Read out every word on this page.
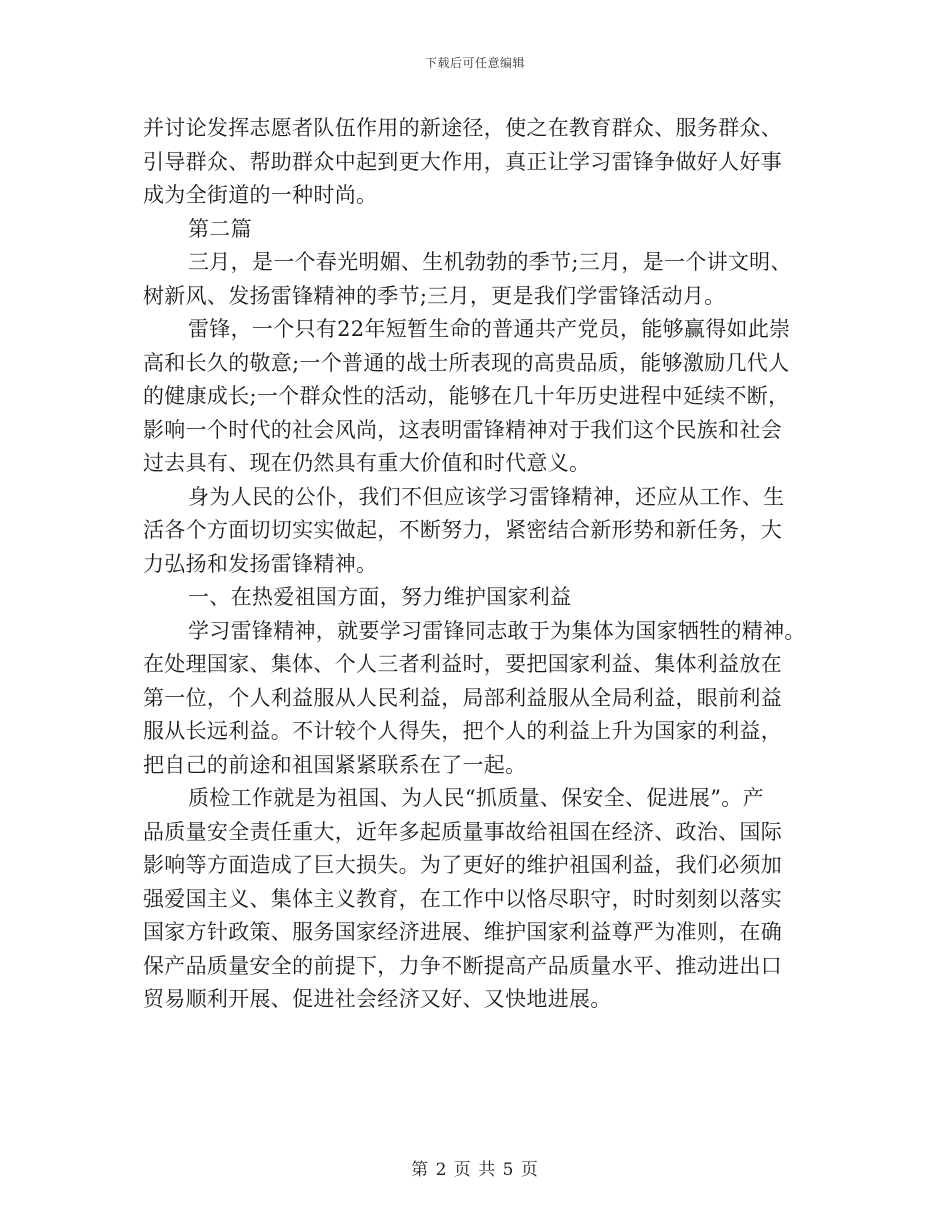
下载后可任意编辑
并讨论发挥志愿者队伍作用的新途径，使之在教育群众、服务群众、
引导群众、帮助群众中起到更大作用，真正让学习雷锋争做好人好事
成为全街道的一种时尚。
第二篇
三月，是一个春光明媚、生机勃勃的季节;三月，是一个讲文明、
树新风、发扬雷锋精神的季节;三月，更是我们学雷锋活动月。
雷锋，一个只有22年短暂生命的普通共产党员，能够赢得如此崇
高和长久的敬意;一个普通的战士所表现的高贵品质，能够激励几代人
的健康成长;一个群众性的活动，能够在几十年历史进程中延续不断，
影响一个时代的社会风尚，这表明雷锋精神对于我们这个民族和社会
过去具有、现在仍然具有重大价值和时代意义。
身为人民的公仆，我们不但应该学习雷锋精神，还应从工作、生
活各个方面切切实实做起，不断努力，紧密结合新形势和新任务，大
力弘扬和发扬雷锋精神。
一、在热爱祖国方面，努力维护国家利益
学习雷锋精神，就要学习雷锋同志敢于为集体为国家牺牲的精神。
在处理国家、集体、个人三者利益时，要把国家利益、集体利益放在
第一位，个人利益服从人民利益，局部利益服从全局利益，眼前利益
服从长远利益。不计较个人得失，把个人的利益上升为国家的利益，
把自己的前途和祖国紧紧联系在了一起。
质检工作就是为祖国、为人民“抓质量、保安全、促进展”。产
品质量安全责任重大，近年多起质量事故给祖国在经济、政治、国际
影响等方面造成了巨大损失。为了更好的维护祖国利益，我们必须加
强爱国主义、集体主义教育，在工作中以恪尽职守，时时刻刻以落实
国家方针政策、服务国家经济进展、维护国家利益尊严为准则，在确
保产品质量安全的前提下，力争不断提高产品质量水平、推动进出口
贸易顺利开展、促进社会经济又好、又快地进展。
第 2 页 共 5 页
